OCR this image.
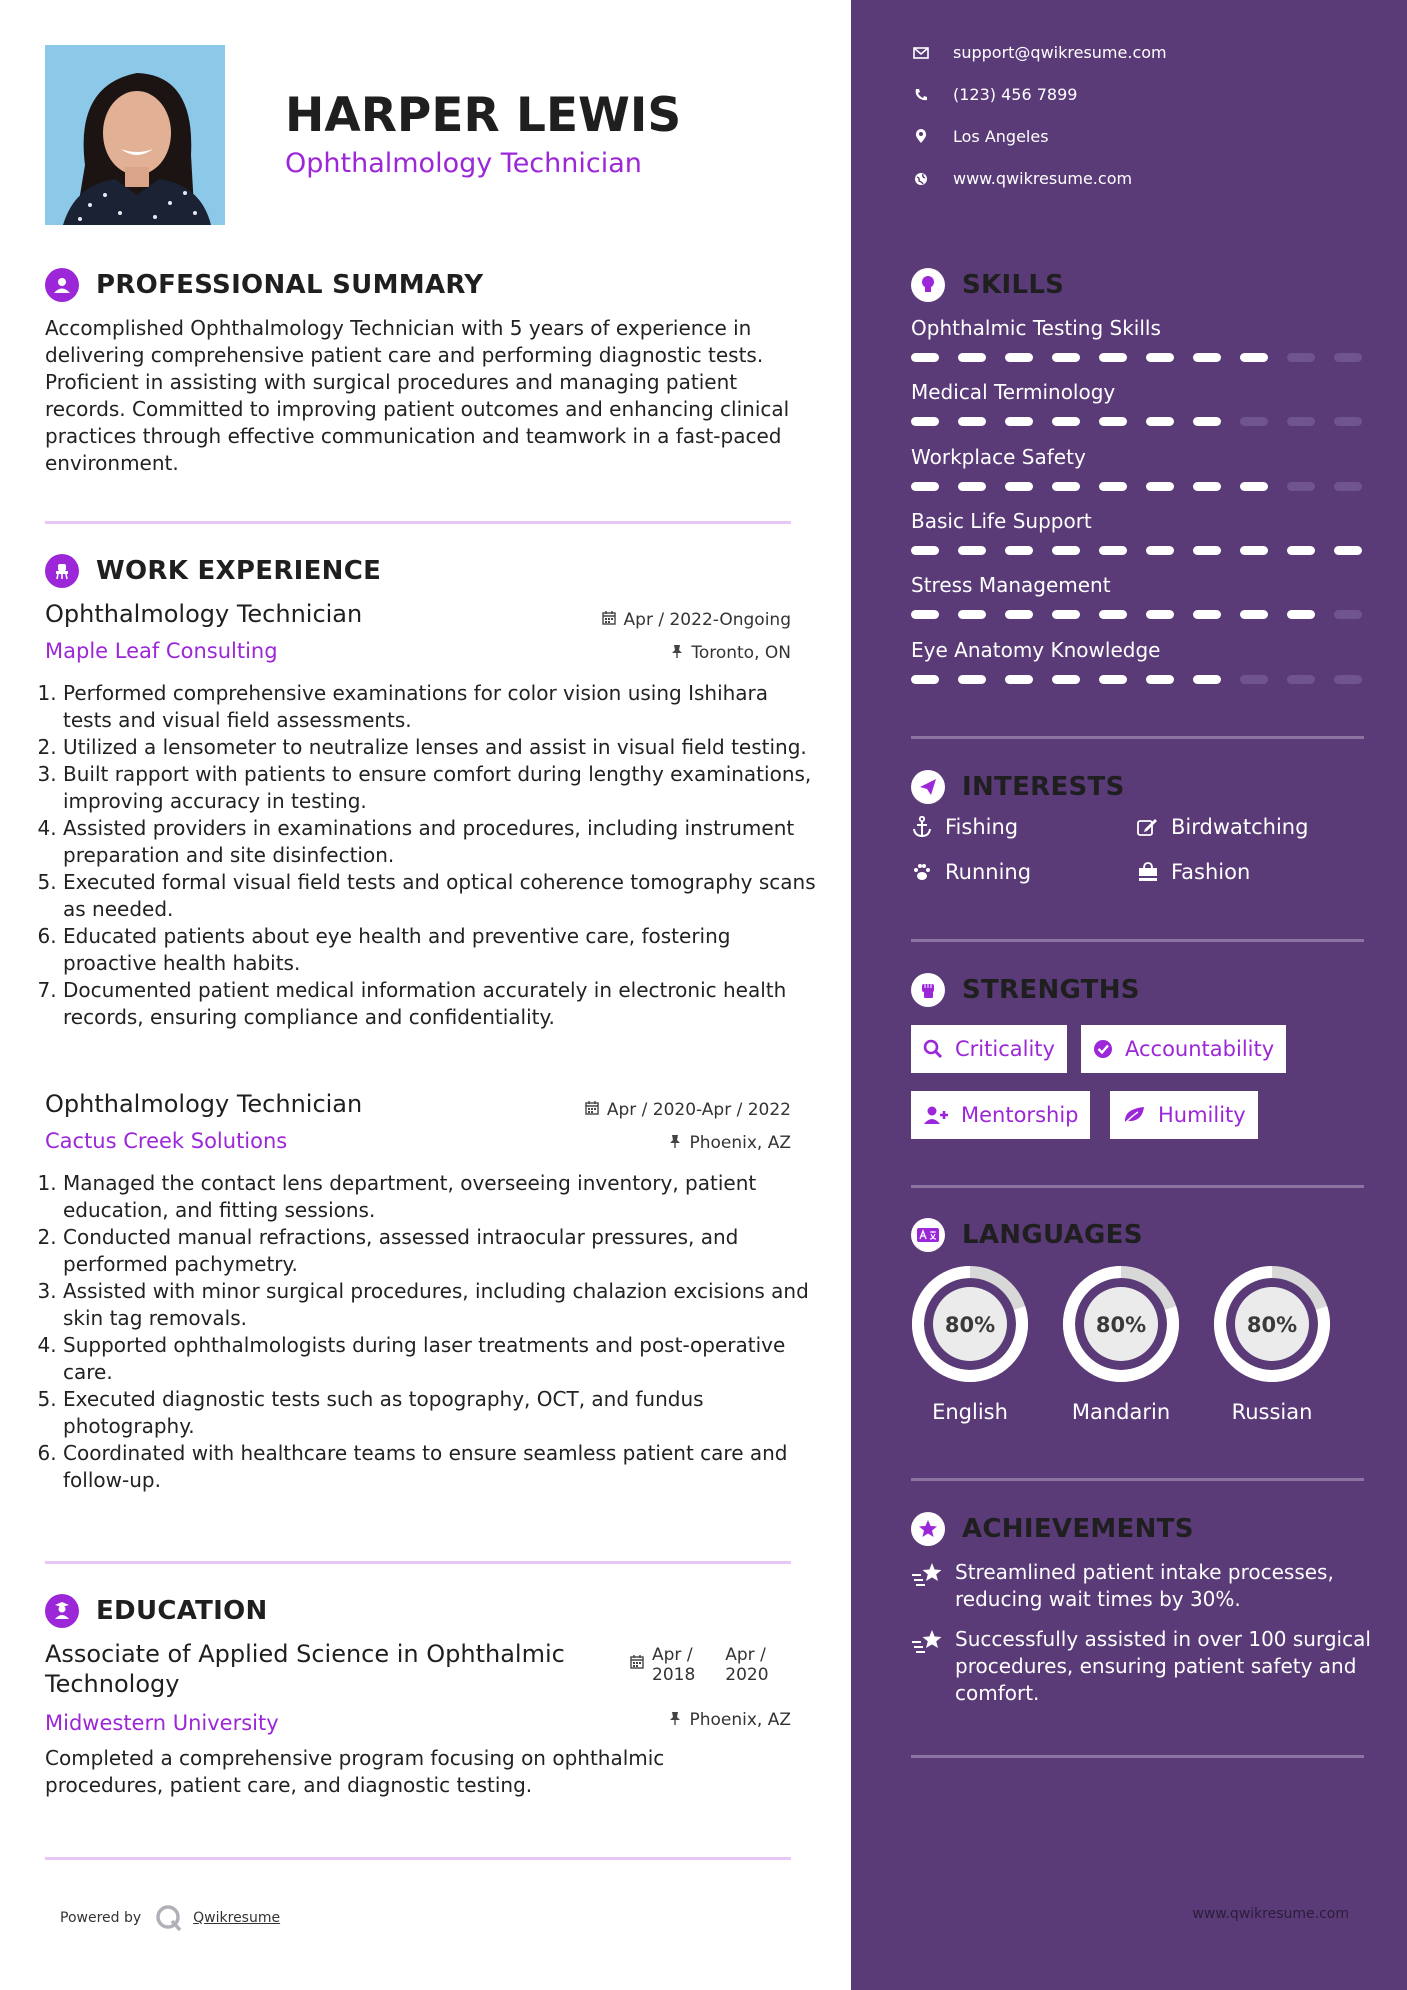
HARPER LEWIS
Ophthalmology Technician
support@qwikresume.com
(123) 456 7899
Los Angeles
www.qwikresume.com
PROFESSIONAL SUMMARY
Accomplished Ophthalmology Technician with 5 years of experience in delivering comprehensive patient care and performing diagnostic tests. Proficient in assisting with surgical procedures and managing patient records. Committed to improving patient outcomes and enhancing clinical practices through effective communication and teamwork in a fast-paced environment.
WORK EXPERIENCE
Ophthalmology Technician
Maple Leaf Consulting
Apr / 2022-Ongoing
Toronto, ON
1. Performed comprehensive examinations for color vision using Ishihara tests and visual field assessments.
2. Utilized a lensometer to neutralize lenses and assist in visual field testing.
3. Built rapport with patients to ensure comfort during lengthy examinations, improving accuracy in testing.
4. Assisted providers in examinations and procedures, including instrument preparation and site disinfection.
5. Executed formal visual field tests and optical coherence tomography scans as needed.
6. Educated patients about eye health and preventive care, fostering proactive health habits.
7. Documented patient medical information accurately in electronic health records, ensuring compliance and confidentiality.
Ophthalmology Technician
Cactus Creek Solutions
Apr / 2020-Apr / 2022
Phoenix, AZ
1. Managed the contact lens department, overseeing inventory, patient education, and fitting sessions.
2. Conducted manual refractions, assessed intraocular pressures, and performed pachymetry.
3. Assisted with minor surgical procedures, including chalazion excisions and skin tag removals.
4. Supported ophthalmologists during laser treatments and post-operative care.
5. Executed diagnostic tests such as topography, OCT, and fundus photography.
6. Coordinated with healthcare teams to ensure seamless patient care and follow-up.
EDUCATION
Associate of Applied Science in Ophthalmic
Technology
Midwestern University
Apr /
2018
Apr /
2020
Phoenix, AZ
Completed a comprehensive program focusing on ophthalmic procedures, patient care, and diagnostic testing.
Powered by	Qwikresume	www.qwikresume.com
SKILLS
Ophthalmic Testing Skills
Medical Terminology
Workplace Safety
Basic Life Support
Stress Management
Eye Anatomy Knowledge
INTERESTS
Fishing	Birdwatching
Running	Fashion
STRENGTHS
Criticality	Accountability
Mentorship	Humility
LANGUAGES
80%	80%	80%
English	Mandarin	Russian
ACHIEVEMENTS
Streamlined patient intake processes, reducing wait times by 30%.
Successfully assisted in over 100 surgical procedures, ensuring patient safety and comfort.
